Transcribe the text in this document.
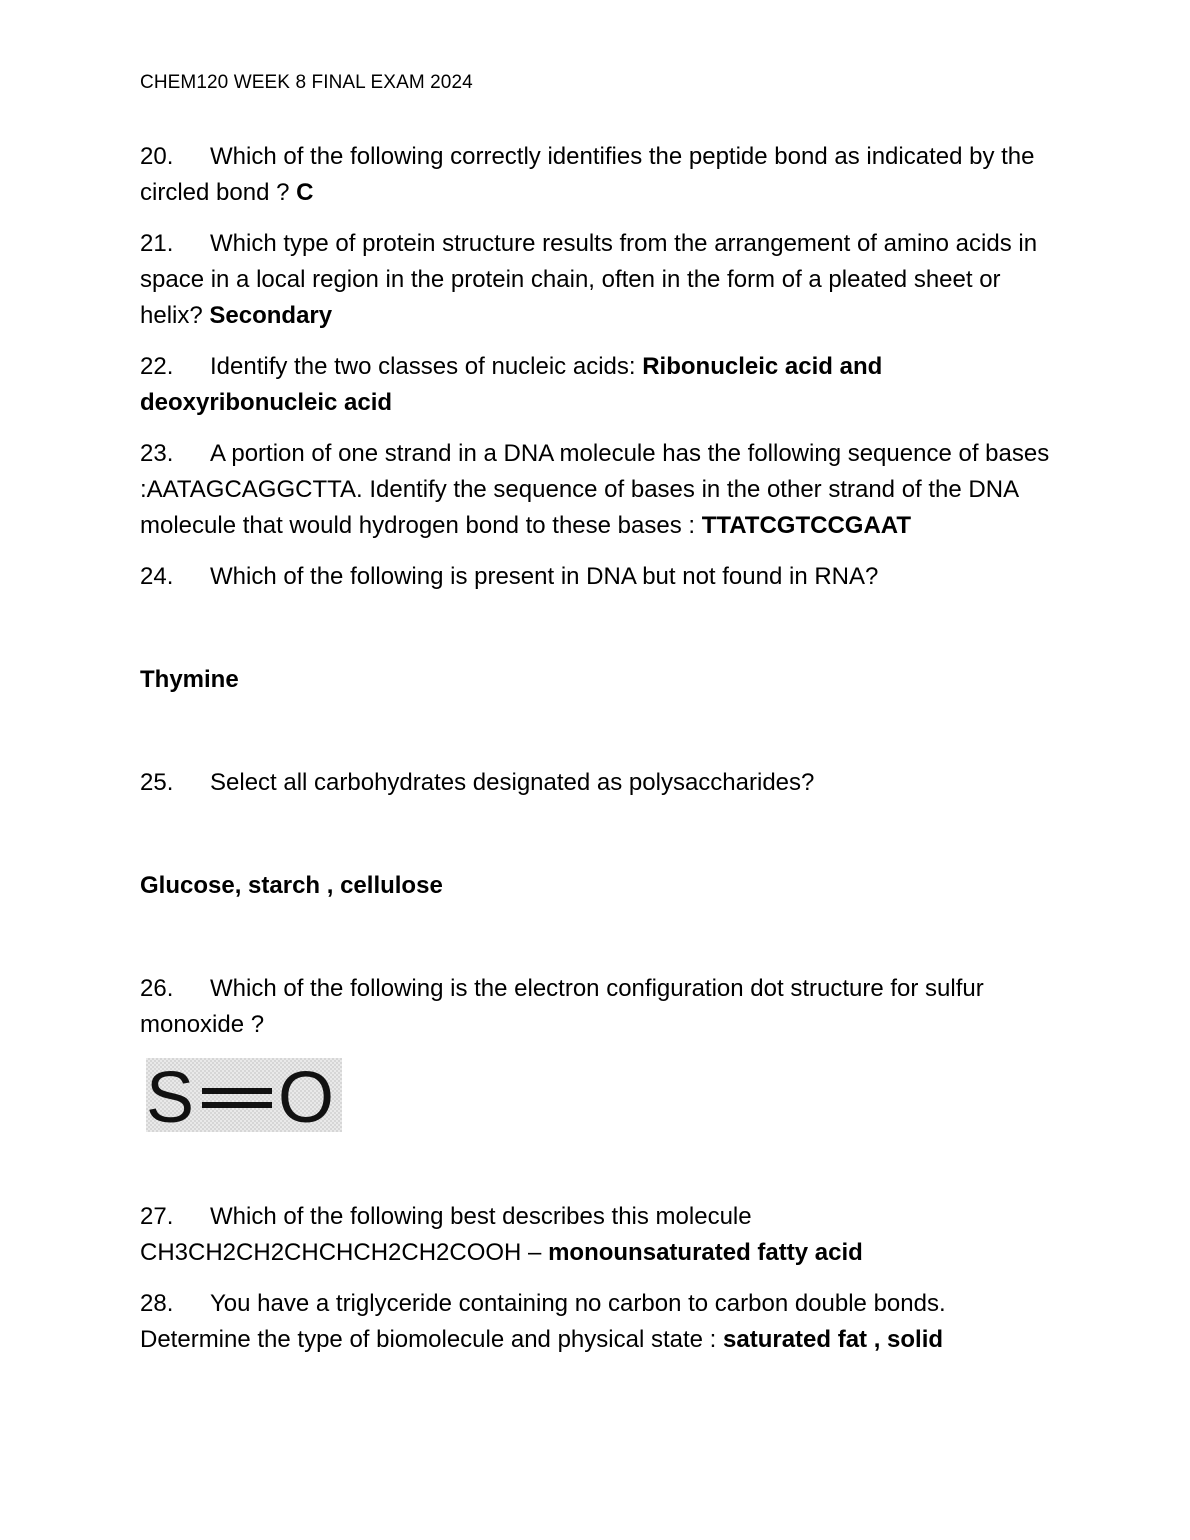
CHEM120 WEEK 8 FINAL EXAM 2024
20. Which of the following correctly identifies the peptide bond as indicated by the circled bond ? C
21. Which type of protein structure results from the arrangement of amino acids in space in a local region in the protein chain, often in the form of a pleated sheet or helix? Secondary
22. Identify the two classes of nucleic acids: Ribonucleic acid and deoxyribonucleic acid
23. A portion of one strand in a DNA molecule has the following sequence of bases :AATAGCAGGCTTA. Identify the sequence of bases in the other strand of the DNA molecule that would hydrogen bond to these bases : TTATCGTCCGAAT
24. Which of the following is present in DNA but not found in RNA?
Thymine
25. Select all carbohydrates designated as polysaccharides?
Glucose, starch , cellulose
26. Which of the following is the electron configuration dot structure for sulfur monoxide ?
S O
27. Which of the following best describes this molecule CH3CH2CH2CHCHCH2CH2COOH – monounsaturated fatty acid
28. You have a triglyceride containing no carbon to carbon double bonds. Determine the type of biomolecule and physical state : saturated fat , solid
